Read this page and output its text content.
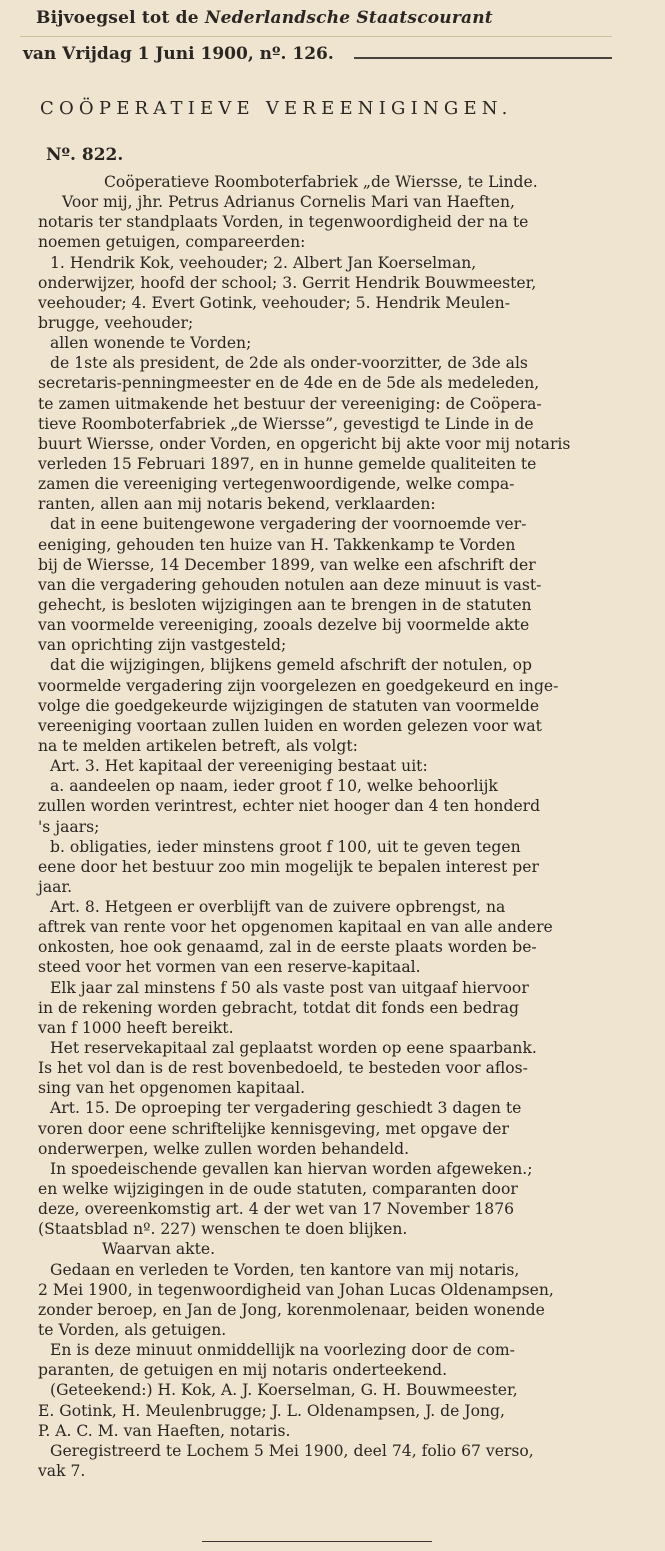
Bijvoegsel tot de Nederlandsche Staatscourant
van Vrijdag 1 Juni 1900, nº. 126.
COÖPERATIEVE VEREENIGINGEN.
Nº. 822.
Coöperatieve Roomboterfabriek „de Wiersse, te Linde.
Voor mij, jhr. Petrus Adrianus Cornelis Mari van Haeften,
notaris ter standplaats Vorden, in tegenwoordigheid der na te
noemen getuigen, compareerden:
1. Hendrik Kok, veehouder; 2. Albert Jan Koerselman,
onderwijzer, hoofd der school; 3. Gerrit Hendrik Bouwmeester,
veehouder; 4. Evert Gotink, veehouder; 5. Hendrik Meulen-
brugge, veehouder;
allen wonende te Vorden;
de 1ste als president, de 2de als onder-voorzitter, de 3de als
secretaris-penningmeester en de 4de en de 5de als medeleden,
te zamen uitmakende het bestuur der vereeniging: de Coöpera-
tieve Roomboterfabriek „de Wiersse”, gevestigd te Linde in de
buurt Wiersse, onder Vorden, en opgericht bij akte voor mij notaris
verleden 15 Februari 1897, en in hunne gemelde qualiteiten te
zamen die vereeniging vertegenwoordigende, welke compa-
ranten, allen aan mij notaris bekend, verklaarden:
dat in eene buitengewone vergadering der voornoemde ver-
eeniging, gehouden ten huize van H. Takkenkamp te Vorden
bij de Wiersse, 14 December 1899, van welke een afschrift der
van die vergadering gehouden notulen aan deze minuut is vast-
gehecht, is besloten wijzigingen aan te brengen in de statuten
van voormelde vereeniging, zooals dezelve bij voormelde akte
van oprichting zijn vastgesteld;
dat die wijzigingen, blijkens gemeld afschrift der notulen, op
voormelde vergadering zijn voorgelezen en goedgekeurd en inge-
volge die goedgekeurde wijzigingen de statuten van voormelde
vereeniging voortaan zullen luiden en worden gelezen voor wat
na te melden artikelen betreft, als volgt:
Art. 3. Het kapitaal der vereeniging bestaat uit:
a. aandeelen op naam, ieder groot f 10, welke behoorlijk
zullen worden verintrest, echter niet hooger dan 4 ten honderd
's jaars;
b. obligaties, ieder minstens groot f 100, uit te geven tegen
eene door het bestuur zoo min mogelijk te bepalen interest per
jaar.
Art. 8. Hetgeen er overblijft van de zuivere opbrengst, na
aftrek van rente voor het opgenomen kapitaal en van alle andere
onkosten, hoe ook genaamd, zal in de eerste plaats worden be-
steed voor het vormen van een reserve-kapitaal.
Elk jaar zal minstens f 50 als vaste post van uitgaaf hiervoor
in de rekening worden gebracht, totdat dit fonds een bedrag
van f 1000 heeft bereikt.
Het reservekapitaal zal geplaatst worden op eene spaarbank.
Is het vol dan is de rest bovenbedoeld, te besteden voor aflos-
sing van het opgenomen kapitaal.
Art. 15. De oproeping ter vergadering geschiedt 3 dagen te
voren door eene schriftelijke kennisgeving, met opgave der
onderwerpen, welke zullen worden behandeld.
In spoedeischende gevallen kan hiervan worden afgeweken.;
en welke wijzigingen in de oude statuten, comparanten door
deze, overeenkomstig art. 4 der wet van 17 November 1876
(Staatsblad nº. 227) wenschen te doen blijken.
Waarvan akte.
Gedaan en verleden te Vorden, ten kantore van mij notaris,
2 Mei 1900, in tegenwoordigheid van Johan Lucas Oldenampsen,
zonder beroep, en Jan de Jong, korenmolenaar, beiden wonende
te Vorden, als getuigen.
En is deze minuut onmiddellijk na voorlezing door de com-
paranten, de getuigen en mij notaris onderteekend.
(Geteekend:) H. Kok, A. J. Koerselman, G. H. Bouwmeester,
E. Gotink, H. Meulenbrugge; J. L. Oldenampsen, J. de Jong,
P. A. C. M. van Haeften, notaris.
Geregistreerd te Lochem 5 Mei 1900, deel 74, folio 67 verso,
vak 7.
